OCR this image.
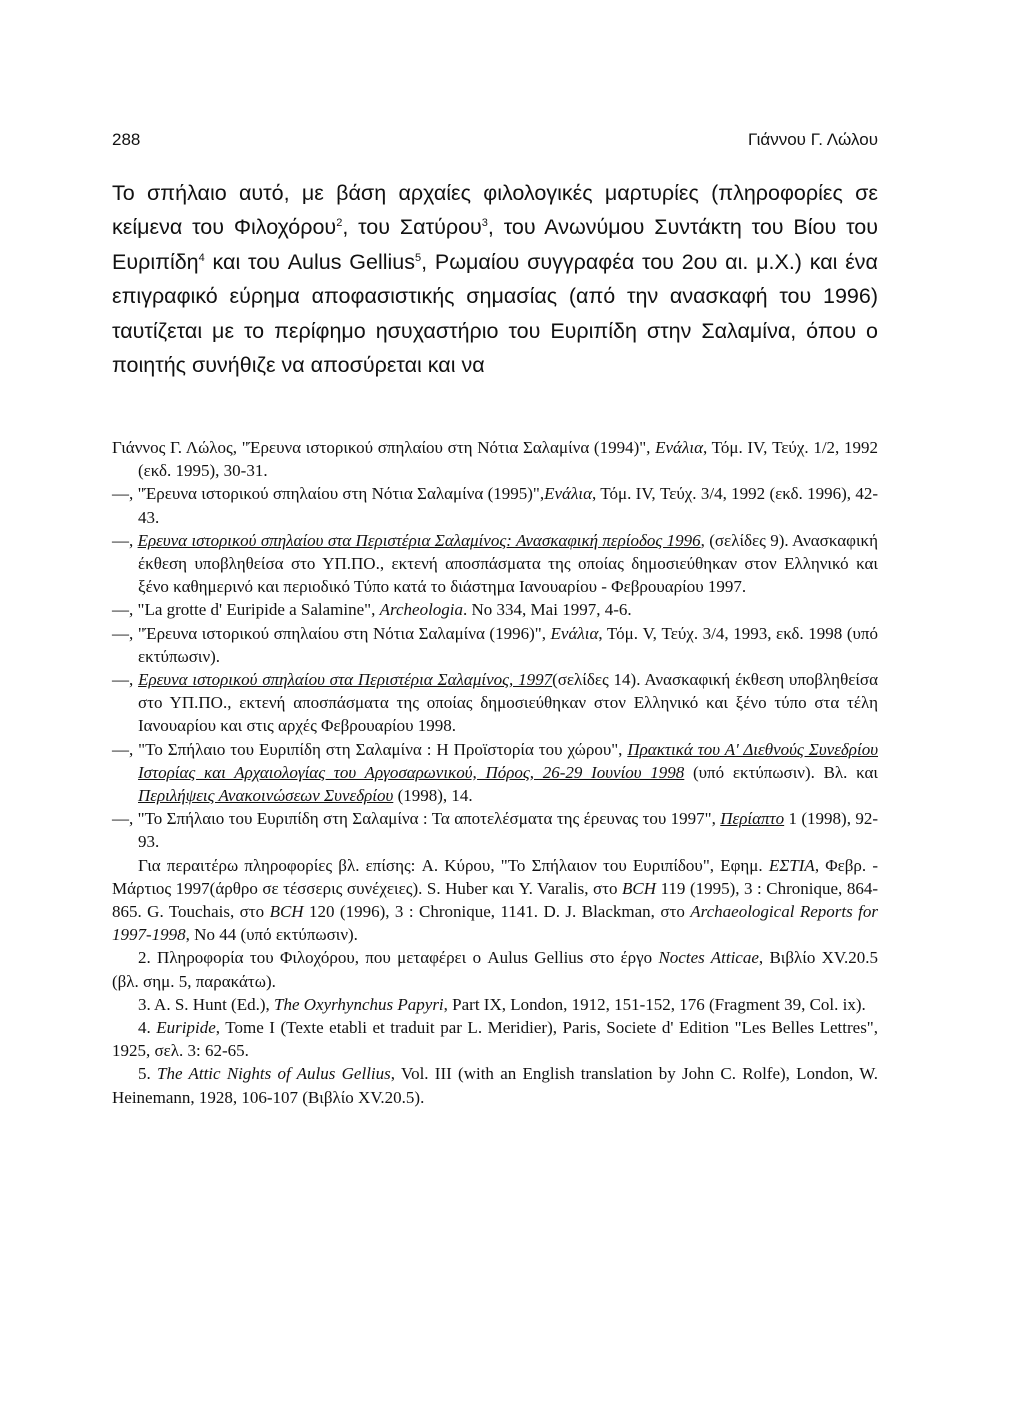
288	Γιάννου Γ. Λώλου

Το σπήλαιο αυτό, με βάση αρχαίες φιλολογικές μαρτυρίες (πληροφορίες σε κείμενα του Φιλοχόρου$^2$, του Σατύρου$^3$, του Ανωνύμου Συντάκτη του Βίου του Ευριπίδη$^4$ και του Aulus Gellius$^5$, Ρωμαίου συγγραφέα του 2ου αι. μ.Χ.) και ένα επιγραφικό εύρημα αποφασιστικής σημασίας (από την ανασκαφή του 1996) ταυτίζεται με το περίφημο ησυχαστήριο του Ευριπίδη στην Σαλαμίνα, όπου ο ποιητής συνήθιζε να αποσύρεται και να

Γιάννος Γ. Λώλος, "Έρευνα ιστορικού σπηλαίου στη Νότια Σαλαμίνα (1994)", Ενάλια, Τόμ. IV, Τεύχ. 1/2, 1992 (εκδ. 1995), 30-31.

—, "Έρευνα ιστορικού σπηλαίου στη Νότια Σαλαμίνα (1995)",Ενάλια, Τόμ. IV, Τεύχ. 3/4, 1992 (εκδ. 1996), 42-43.

—, Ερευνα ιστορικού σπηλαίου στα Περιστέρια Σαλαμίνος: Ανασκαφική περίοδος 1996, (σελίδες 9). Ανασκαφική έκθεση υποβληθείσα στο ΥΠ.ΠΟ., εκτενή αποσπάσματα της οποίας δημοσιεύθηκαν στον Ελληνικό και ξένο καθημερινό και περιοδικό Τύπο κατά το διάστημα Ιανουαρίου - Φεβρουαρίου 1997.

—, "La grotte d' Euripide a Salamine", Archeologia. No 334, Mai 1997, 4-6.

—, "Έρευνα ιστορικού σπηλαίου στη Νότια Σαλαμίνα (1996)", Ενάλια, Τόμ. V, Τεύχ. 3/4, 1993, εκδ. 1998 (υπό εκτύπωσιν).

—, Ερευνα ιστορικού σπηλαίου στα Περιστέρια Σαλαμίνος, 1997(σελίδες 14). Ανασκαφική έκθεση υποβληθείσα στο ΥΠ.ΠΟ., εκτενή αποσπάσματα της οποίας δημοσιεύθηκαν στον Ελληνικό και ξένο τύπο στα τέλη Ιανουαρίου και στις αρχές Φεβρουαρίου 1998.

—, "Το Σπήλαιο του Ευριπίδη στη Σαλαμίνα : Η Προϊστορία του χώρου", Πρακτικά του Α' Διεθνούς Συνεδρίου Ιστορίας και Αρχαιολογίας του Αργοσαρωνικού, Πόρος, 26-29 Ιουνίου 1998 (υπό εκτύπωσιν). Βλ. και Περιλήψεις Ανακοινώσεων Συνεδρίου (1998), 14.

—, "Το Σπήλαιο του Ευριπίδη στη Σαλαμίνα : Τα αποτελέσματα της έρευνας του 1997", Περίαπτο 1 (1998), 92-93.

Για περαιτέρω πληροφορίες βλ. επίσης: A. Κύρου, "Το Σπήλαιον του Ευριπίδου", Εφημ. ΕΣΤΙΑ, Φεβρ. - Μάρτιος 1997(άρθρο σε τέσσερις συνέχειες). S. Huber και Y. Varalis, στο BCH 119 (1995), 3 : Chronique, 864-865. G. Touchais, στο BCH 120 (1996), 3 : Chronique, 1141. D. J. Blackman, στο Archaeological Reports for 1997-1998, No 44 (υπό εκτύπωσιν).

2. Πληροφορία του Φιλοχόρου, που μεταφέρει ο Aulus Gellius στο έργο Noctes Atticae, Βιβλίο XV.20.5 (βλ. σημ. 5, παρακάτω).

3. A. S. Hunt (Ed.), The Oxyrhynchus Papyri, Part IX, London, 1912, 151-152, 176 (Fragment 39, Col. ix).

4. Euripide, Tome I (Texte etabli et traduit par L. Meridier), Paris, Societe d' Edition "Les Belles Lettres", 1925, σελ. 3: 62-65.

5. The Attic Nights of Aulus Gellius, Vol. III (with an English translation by John C. Rolfe), London, W. Heinemann, 1928, 106-107 (Βιβλίο XV.20.5).
